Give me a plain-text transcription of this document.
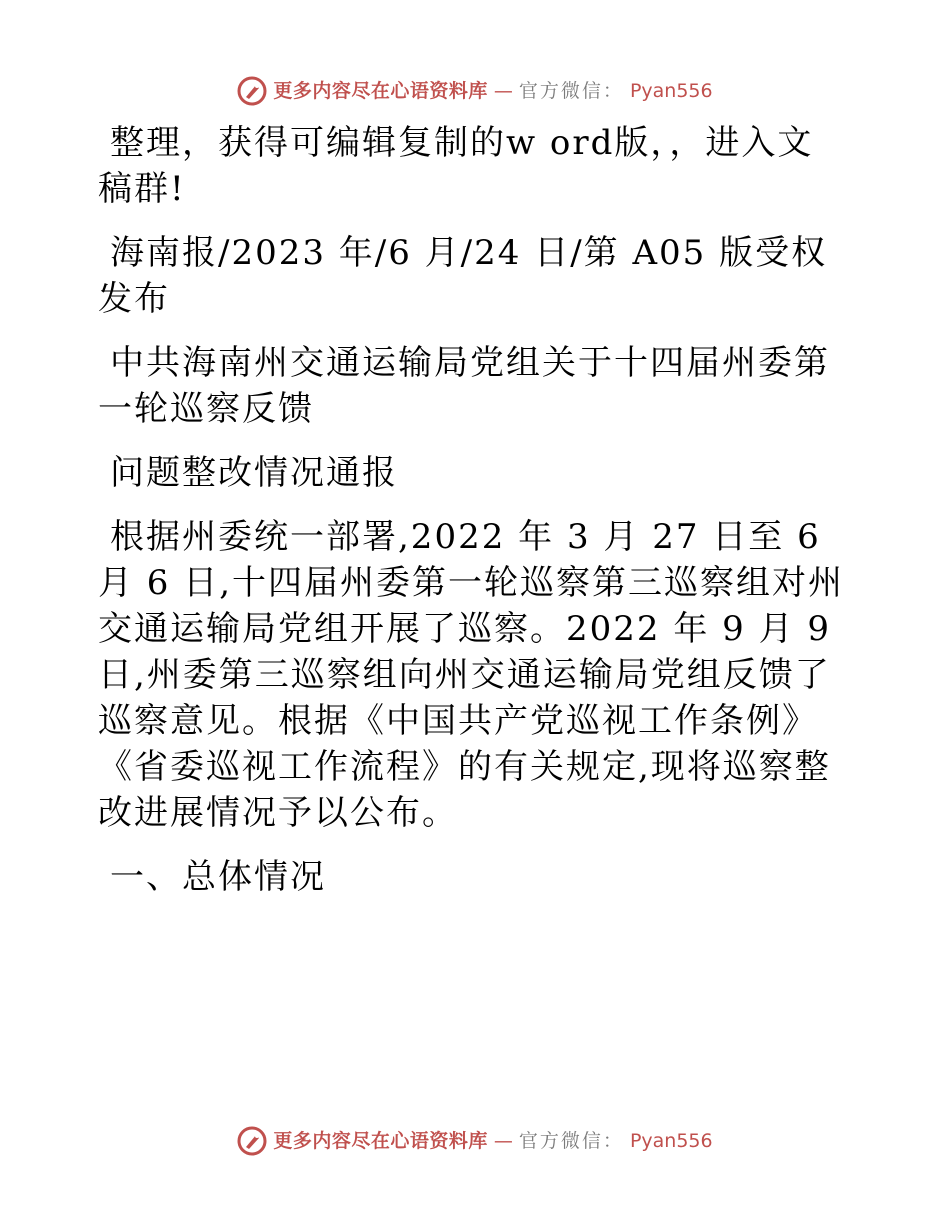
更多内容尽在心语资料库 — 官方微信： Pyan556

整理，获得可编辑复制的w ord版，，进入文稿群!

海南报/2023 年/6 月/24 日/第 A05 版受权发布

中共海南州交通运输局党组关于十四届州委第一轮巡察反馈

问题整改情况通报

根据州委统一部署,2022 年 3 月 27 日至 6 月 6 日,十四届州委第一轮巡察第三巡察组对州交通运输局党组开展了巡察。2022 年 9 月 9 日,州委第三巡察组向州交通运输局党组反馈了巡察意见。根据《中国共产党巡视工作条例》 《省委巡视工作流程》的有关规定,现将巡察整改进展情况予以公布。

一、总体情况

更多内容尽在心语资料库 — 官方微信： Pyan556
